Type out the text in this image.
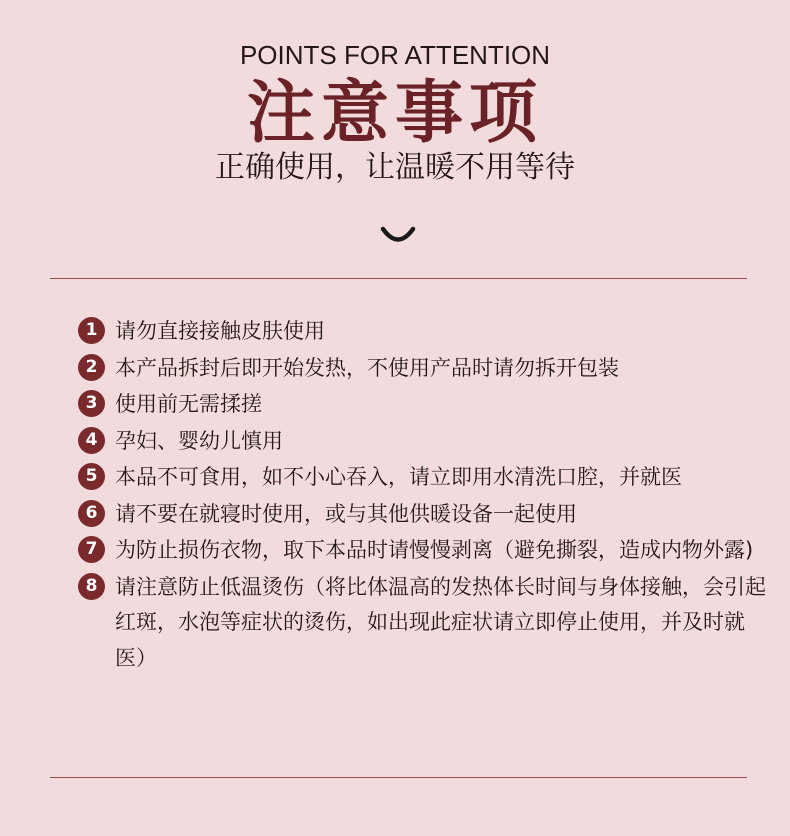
POINTS FOR ATTENTION
注意事项
正确使用，让温暖不用等待
1 请勿直接接触皮肤使用
2 本产品拆封后即开始发热，不使用产品时请勿拆开包装
3 使用前无需揉搓
4 孕妇、婴幼儿慎用
5 本品不可食用，如不小心吞入，请立即用水清洗口腔，并就医
6 请不要在就寝时使用，或与其他供暖设备一起使用
7 为防止损伤衣物，取下本品时请慢慢剥离（避免撕裂，造成内物外露)
8 请注意防止低温烫伤（将比体温高的发热体长时间与身体接触，会引起红斑，水泡等症状的烫伤，如出现此症状请立即停止使用，并及时就医）
